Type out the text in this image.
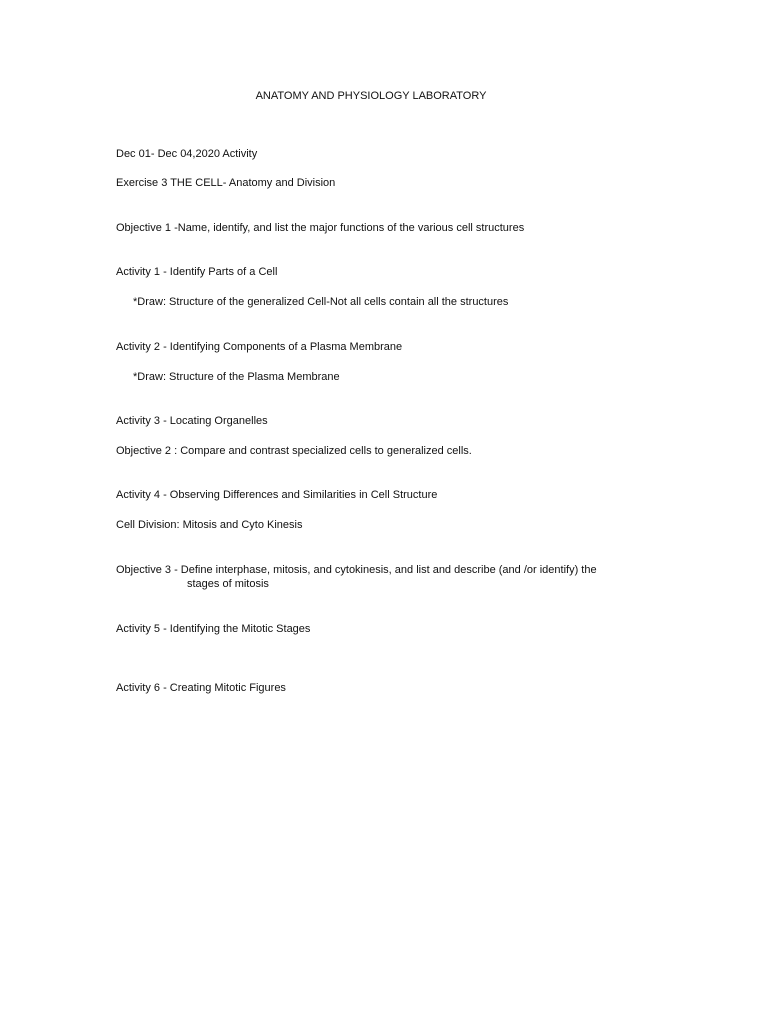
ANATOMY AND PHYSIOLOGY LABORATORY
Dec 01- Dec 04,2020 Activity
Exercise 3 THE CELL- Anatomy and Division
Objective 1 -Name, identify, and list the major functions of the various cell structures
Activity 1 - Identify Parts of a Cell
*Draw: Structure of the generalized Cell-Not all cells contain all the structures
Activity 2 - Identifying Components of a Plasma Membrane
*Draw: Structure of the Plasma Membrane
Activity 3 - Locating Organelles
Objective 2 : Compare and contrast specialized cells to generalized cells.
Activity 4 - Observing Differences and Similarities in Cell Structure
Cell Division: Mitosis and Cyto Kinesis
Objective 3 - Define interphase, mitosis, and cytokinesis, and list and describe (and /or identify) the
stages of mitosis
Activity 5 - Identifying the Mitotic Stages
Activity 6 - Creating Mitotic Figures
